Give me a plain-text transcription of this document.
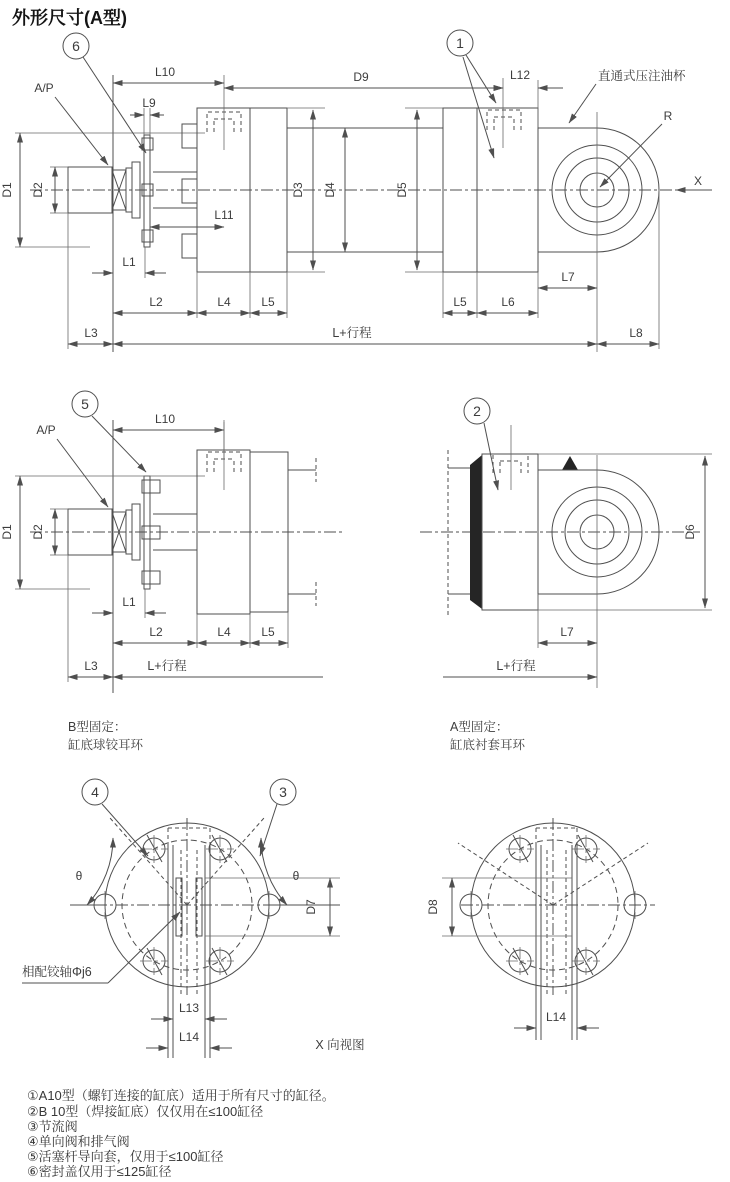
外形尺寸(A型)
6	1
A/P
L10
L9
D9	L12	直通式压注油杯
R
X
D1 D2	D3 D4	D5
L11
L1
L2	L4	L5	L5	L6
L7
L3	L+行程	L8
5
A/P
L10
D1 D2
L1
L2	L4	L5
L3	L+行程
B型固定：
缸底球铰耳环
2
D6
L7
L+行程
A型固定：
缸底衬套耳环
4	3
θ	θ
D7
相配铰轴Φj6
L13
L14
D8
L14
X 向视图
①A10型（螺钉连接的缸底）适用于所有尺寸的缸径。
②B 10型（焊接缸底）仅仅用在≤100缸径
③节流阀
④单向阀和排气阀
⑤活塞杆导向套，仅用于≤100缸径
⑥密封盖仅用于≤125缸径
